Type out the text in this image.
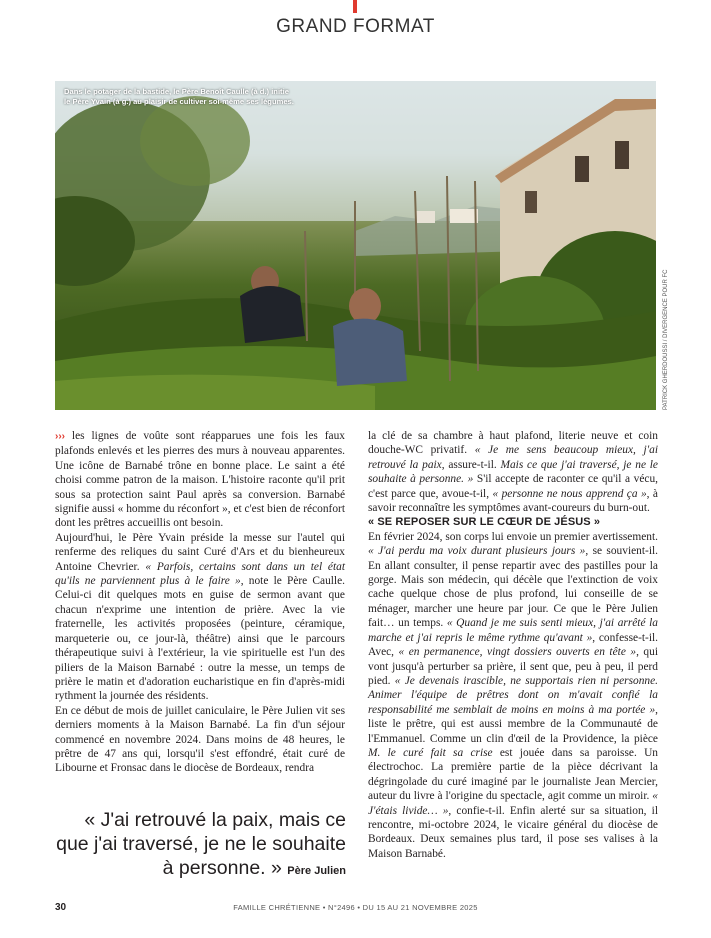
GRAND FORMAT
Dans le potager de la bastide, le Père Benoît Caulle (à d.) initie le Père Yvain (à g.) au plaisir de cultiver soi-même ses légumes.
PATRICK GHERDOUSSI / DIVERGENCE POUR FC

››› les lignes de voûte sont réapparues une fois les faux plafonds enlevés et les pierres des murs à nouveau apparentes. Une icône de Barnabé trône en bonne place. Le saint a été choisi comme patron de la maison. L'histoire raconte qu'il prit sous sa protection saint Paul après sa conversion. Barnabé signifie aussi « homme du réconfort », et c'est bien de réconfort dont les prêtres accueillis ont besoin.

Aujourd'hui, le Père Yvain préside la messe sur l'autel qui renferme des reliques du saint Curé d'Ars et du bienheureux Antoine Chevrier. « Parfois, certains sont dans un tel état qu'ils ne parviennent plus à le faire », note le Père Caulle. Celui-ci dit quelques mots en guise de sermon avant que chacun n'exprime une intention de prière. Avec la vie fraternelle, les activités proposées (peinture, céramique, marqueterie ou, ce jour-là, théâtre) ainsi que le parcours thérapeutique suivi à l'extérieur, la vie spirituelle est l'un des piliers de la Maison Barnabé : outre la messe, un temps de prière le matin et d'adoration eucharistique en fin d'après-midi rythment la journée des résidents.

En ce début de mois de juillet caniculaire, le Père Julien vit ses derniers moments à la Maison Barnabé. La fin d'un séjour commencé en novembre 2024. Dans moins de 48 heures, le prêtre de 47 ans qui, lorsqu'il s'est effondré, était curé de Libourne et Fronsac dans le diocèse de Bordeaux, rendra

« J'ai retrouvé la paix, mais ce que j'ai traversé, je ne le souhaite à personne. » Père Julien

la clé de sa chambre à haut plafond, literie neuve et coin douche-WC privatif. « Je me sens beaucoup mieux, j'ai retrouvé la paix, assure-t-il. Mais ce que j'ai traversé, je ne le souhaite à personne. » S'il accepte de raconter ce qu'il a vécu, c'est parce que, avoue-t-il, « personne ne nous apprend ça », à savoir reconnaître les symptômes avant-coureurs du burn-out.

« SE REPOSER SUR LE CŒUR DE JÉSUS »

En février 2024, son corps lui envoie un premier avertissement. « J'ai perdu ma voix durant plusieurs jours », se souvient-il. En allant consulter, il pense repartir avec des pastilles pour la gorge. Mais son médecin, qui décèle que l'extinction de voix cache quelque chose de plus profond, lui conseille de se ménager, marcher une heure par jour. Ce que le Père Julien fait… un temps. « Quand je me suis senti mieux, j'ai arrêté la marche et j'ai repris le même rythme qu'avant », confesse-t-il. Avec, « en permanence, vingt dossiers ouverts en tête », qui vont jusqu'à perturber sa prière, il sent que, peu à peu, il perd pied. « Je devenais irascible, ne supportais rien ni personne. Animer l'équipe de prêtres dont on m'avait confié la responsabilité me semblait de moins en moins à ma portée », liste le prêtre, qui est aussi membre de la Communauté de l'Emmanuel. Comme un clin d'œil de la Providence, la pièce M. le curé fait sa crise est jouée dans sa paroisse. Un électrochoc. La première partie de la pièce décrivant la dégringolade du curé imaginé par le journaliste Jean Mercier, auteur du livre à l'origine du spectacle, agit comme un miroir. « J'étais livide… », confie-t-il. Enfin alerté sur sa situation, il rencontre, mi-octobre 2024, le vicaire général du diocèse de Bordeaux. Deux semaines plus tard, il pose ses valises à la Maison Barnabé.

30	FAMILLE CHRÉTIENNE • N°2496 • DU 15 AU 21 NOVEMBRE 2025
